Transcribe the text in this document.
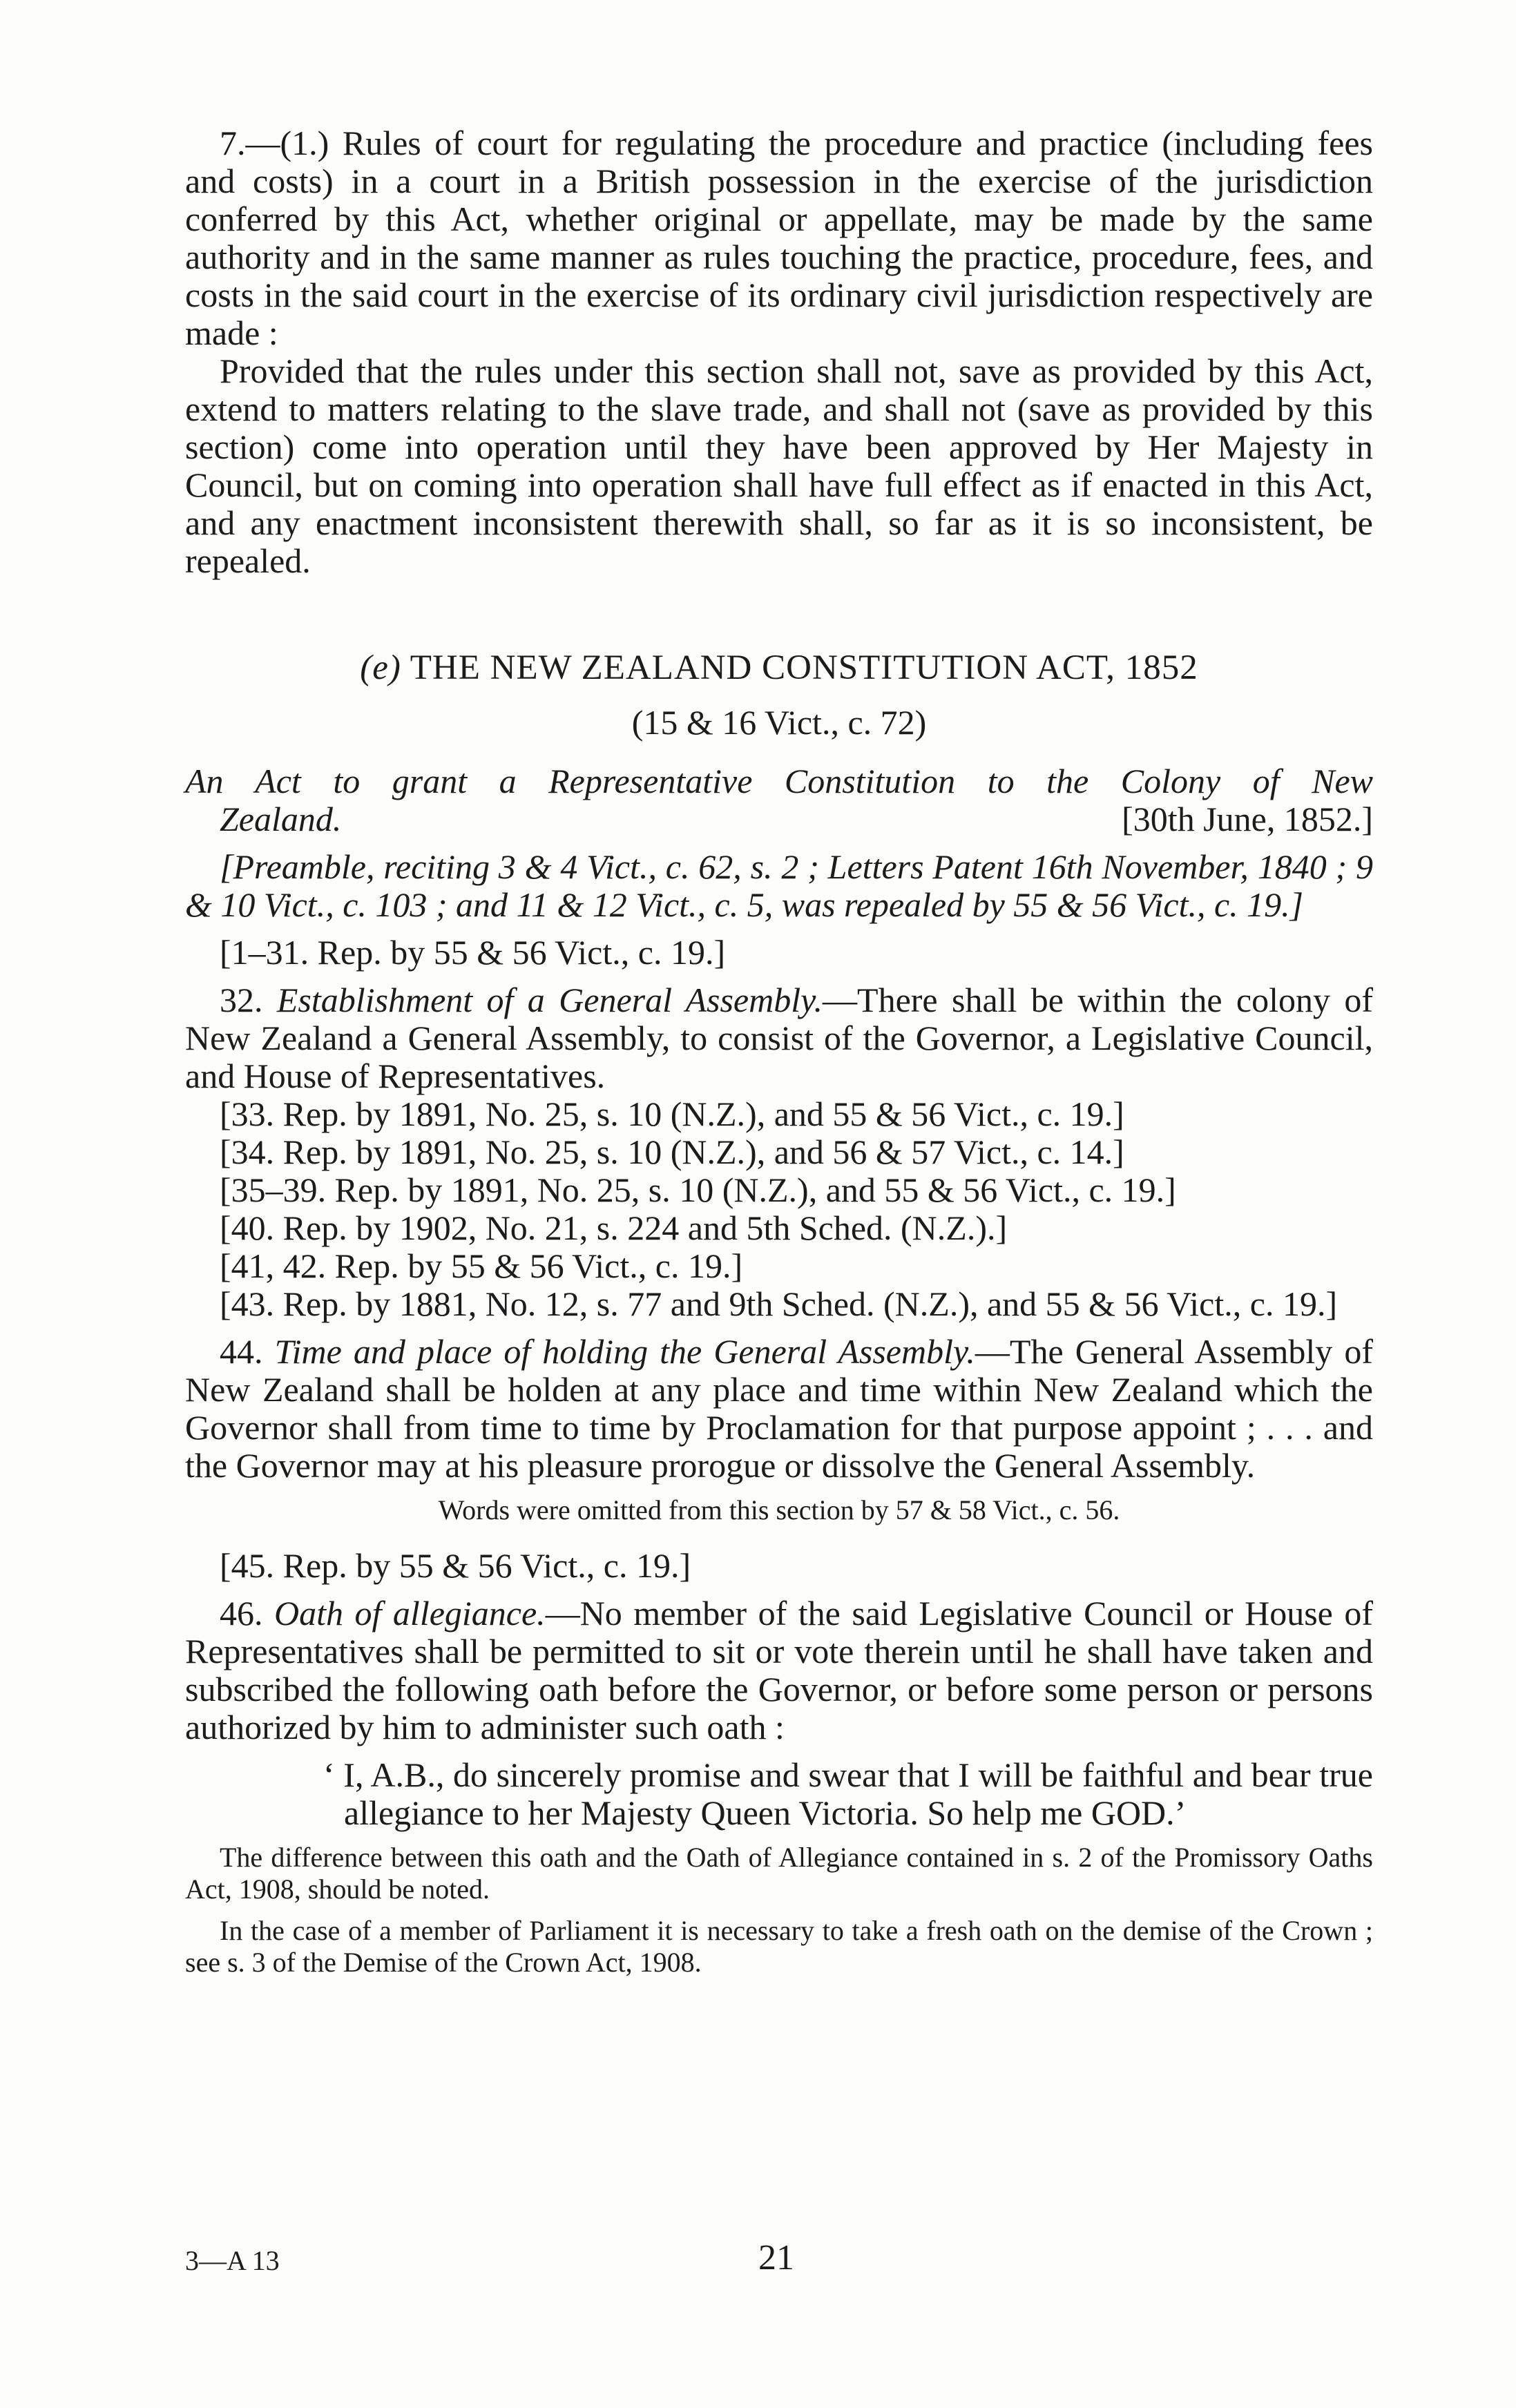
7.—(1.) Rules of court for regulating the procedure and practice (including fees and costs) in a court in a British possession in the exercise of the jurisdiction conferred by this Act, whether original or appellate, may be made by the same authority and in the same manner as rules touching the practice, procedure, fees, and costs in the said court in the exercise of its ordinary civil jurisdiction respectively are made :

Provided that the rules under this section shall not, save as provided by this Act, extend to matters relating to the slave trade, and shall not (save as provided by this section) come into operation until they have been approved by Her Majesty in Council, but on coming into operation shall have full effect as if enacted in this Act, and any enactment inconsistent therewith shall, so far as it is so inconsistent, be repealed.

(e) THE NEW ZEALAND CONSTITUTION ACT, 1852
(15 & 16 Vict., c. 72)
An Act to grant a Representative Constitution to the Colony of New
Zealand.	[30th June, 1852.]

[Preamble, reciting 3 & 4 Vict., c. 62, s. 2 ; Letters Patent 16th November, 1840 ; 9 & 10 Vict., c. 103 ; and 11 & 12 Vict., c. 5, was repealed by 55 & 56 Vict., c. 19.]

[1–31. Rep. by 55 & 56 Vict., c. 19.]

32. Establishment of a General Assembly.—There shall be within the colony of New Zealand a General Assembly, to consist of the Governor, a Legislative Council, and House of Representatives.

[33. Rep. by 1891, No. 25, s. 10 (N.Z.), and 55 & 56 Vict., c. 19.]

[34. Rep. by 1891, No. 25, s. 10 (N.Z.), and 56 & 57 Vict., c. 14.]

[35–39. Rep. by 1891, No. 25, s. 10 (N.Z.), and 55 & 56 Vict., c. 19.]

[40. Rep. by 1902, No. 21, s. 224 and 5th Sched. (N.Z.).]

[41, 42. Rep. by 55 & 56 Vict., c. 19.]

[43. Rep. by 1881, No. 12, s. 77 and 9th Sched. (N.Z.), and 55 & 56 Vict., c. 19.]

44. Time and place of holding the General Assembly.—The General Assembly of New Zealand shall be holden at any place and time within New Zealand which the Governor shall from time to time by Proclamation for that purpose appoint ; . . . and the Governor may at his pleasure prorogue or dissolve the General Assembly.

Words were omitted from this section by 57 & 58 Vict., c. 56.

[45. Rep. by 55 & 56 Vict., c. 19.]

46. Oath of allegiance.—No member of the said Legislative Council or House of Representatives shall be permitted to sit or vote therein until he shall have taken and subscribed the following oath before the Governor, or before some person or persons authorized by him to administer such oath :

‘ I, A.B., do sincerely promise and swear that I will be faithful and bear true allegiance to her Majesty Queen Victoria. So help me GOD.’

The difference between this oath and the Oath of Allegiance contained in s. 2 of the Promissory Oaths Act, 1908, should be noted.

In the case of a member of Parliament it is necessary to take a fresh oath on the demise of the Crown ; see s. 3 of the Demise of the Crown Act, 1908.

3—A 13	21
